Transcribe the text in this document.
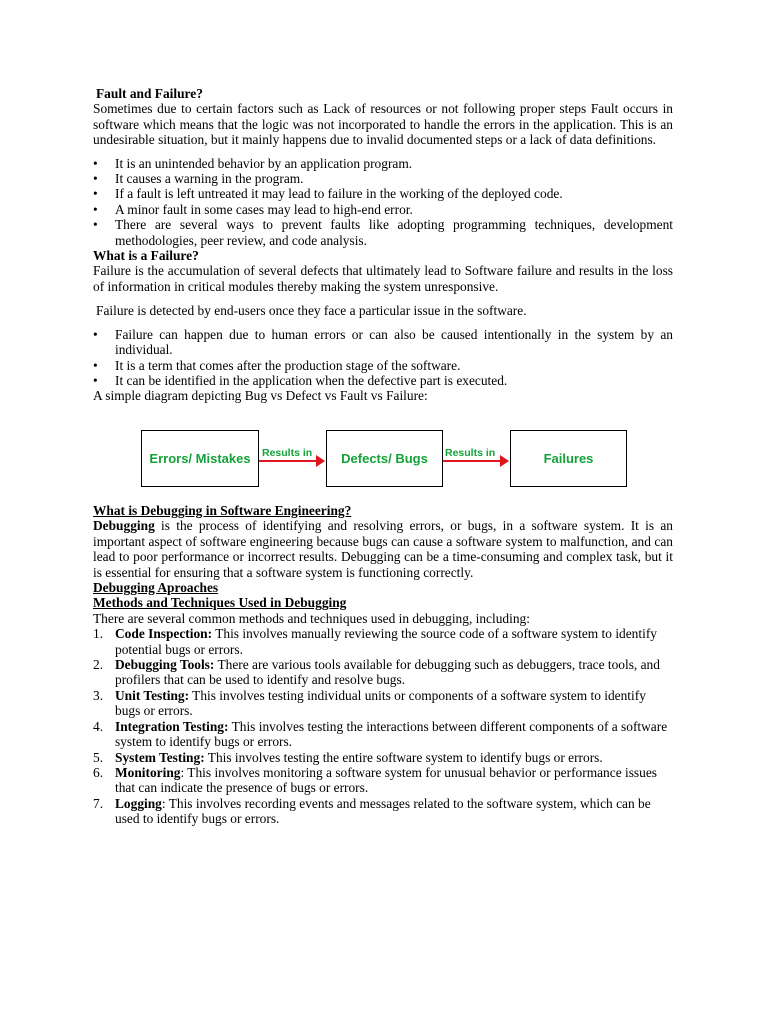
Fault and Failure?

Sometimes due to certain factors such as Lack of resources or not following proper steps Fault occurs in software which means that the logic was not incorporated to handle the errors in the application. This is an undesirable situation, but it mainly happens due to invalid documented steps or a lack of data definitions.

• It is an unintended behavior by an application program.
• It causes a warning in the program.
• If a fault is left untreated it may lead to failure in the working of the deployed code.
• A minor fault in some cases may lead to high-end error.
• There are several ways to prevent faults like adopting programming techniques, development methodologies, peer review, and code analysis.

What is a Failure?

Failure is the accumulation of several defects that ultimately lead to Software failure and results in the loss of information in critical modules thereby making the system unresponsive.

Failure is detected by end-users once they face a particular issue in the software.

• Failure can happen due to human errors or can also be caused intentionally in the system by an individual.
• It is a term that comes after the production stage of the software.
• It can be identified in the application when the defective part is executed.

A simple diagram depicting Bug vs Defect vs Fault vs Failure:

Errors/ Mistakes	Results in	Defects/ Bugs	Results in	Failures

What is Debugging in Software Engineering?

Debugging is the process of identifying and resolving errors, or bugs, in a software system. It is an important aspect of software engineering because bugs can cause a software system to malfunction, and can lead to poor performance or incorrect results. Debugging can be a time-consuming and complex task, but it is essential for ensuring that a software system is functioning correctly.

Debugging Aproaches

Methods and Techniques Used in Debugging

There are several common methods and techniques used in debugging, including:

1. Code Inspection: This involves manually reviewing the source code of a software system to identify potential bugs or errors.
2. Debugging Tools: There are various tools available for debugging such as debuggers, trace tools, and profilers that can be used to identify and resolve bugs.
3. Unit Testing: This involves testing individual units or components of a software system to identify bugs or errors.
4. Integration Testing: This involves testing the interactions between different components of a software system to identify bugs or errors.
5. System Testing: This involves testing the entire software system to identify bugs or errors.
6. Monitoring: This involves monitoring a software system for unusual behavior or performance issues that can indicate the presence of bugs or errors.
7. Logging: This involves recording events and messages related to the software system, which can be used to identify bugs or errors.
